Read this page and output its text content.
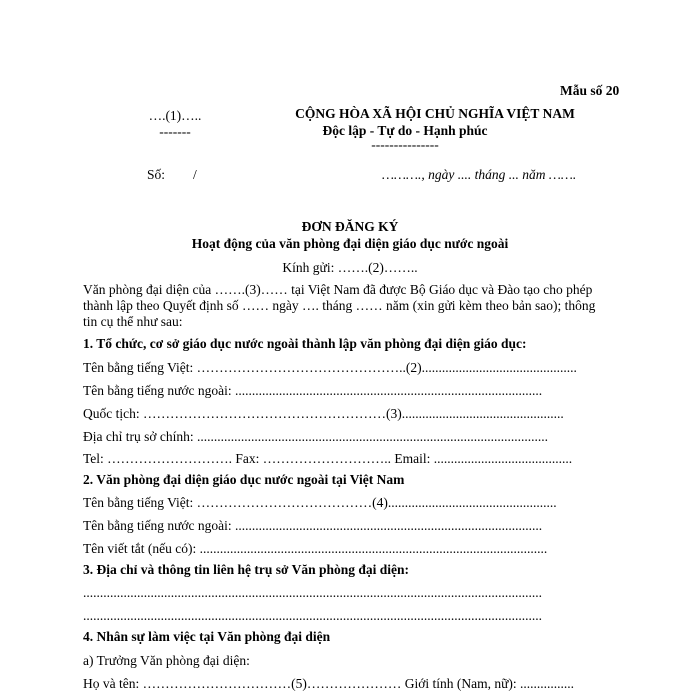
Mẫu số 20
….(1)…..
-------
CỘNG HÒA XÃ HỘI CHỦ NGHĨA VIỆT NAM
Độc lập - Tự do - Hạnh phúc
---------------
Số: /	………., ngày .... tháng ... năm …….
ĐƠN ĐĂNG KÝ
Hoạt động của văn phòng đại diện giáo dục nước ngoài
Kính gửi: …….(2)……..
Văn phòng đại diện của …….(3)…… tại Việt Nam đã được Bộ Giáo dục và Đào tạo cho phép
thành lập theo Quyết định số …… ngày …. tháng …… năm (xin gửi kèm theo bản sao); thông
tin cụ thể như sau:
1. Tổ chức, cơ sở giáo dục nước ngoài thành lập văn phòng đại diện giáo dục:
Tên bằng tiếng Việt: ………………………………………..(2)..............................................
Tên bằng tiếng nước ngoài: ...........................................................................................
Quốc tịch: ………………………………………………(3)................................................
Địa chỉ trụ sở chính: ........................................................................................................
Tel: ………………………. Fax: ……………………….. Email: .........................................
2. Văn phòng đại diện giáo dục nước ngoài tại Việt Nam
Tên bằng tiếng Việt: …………………………………(4)..................................................
Tên bằng tiếng nước ngoài: ...........................................................................................
Tên viết tắt (nếu có): .......................................................................................................
3. Địa chỉ và thông tin liên hệ trụ sở Văn phòng đại diện:
........................................................................................................................................
........................................................................................................................................
4. Nhân sự làm việc tại Văn phòng đại diện
a) Trưởng Văn phòng đại diện:
Họ và tên: ……………………………(5)………………… Giới tính (Nam, nữ): ................
